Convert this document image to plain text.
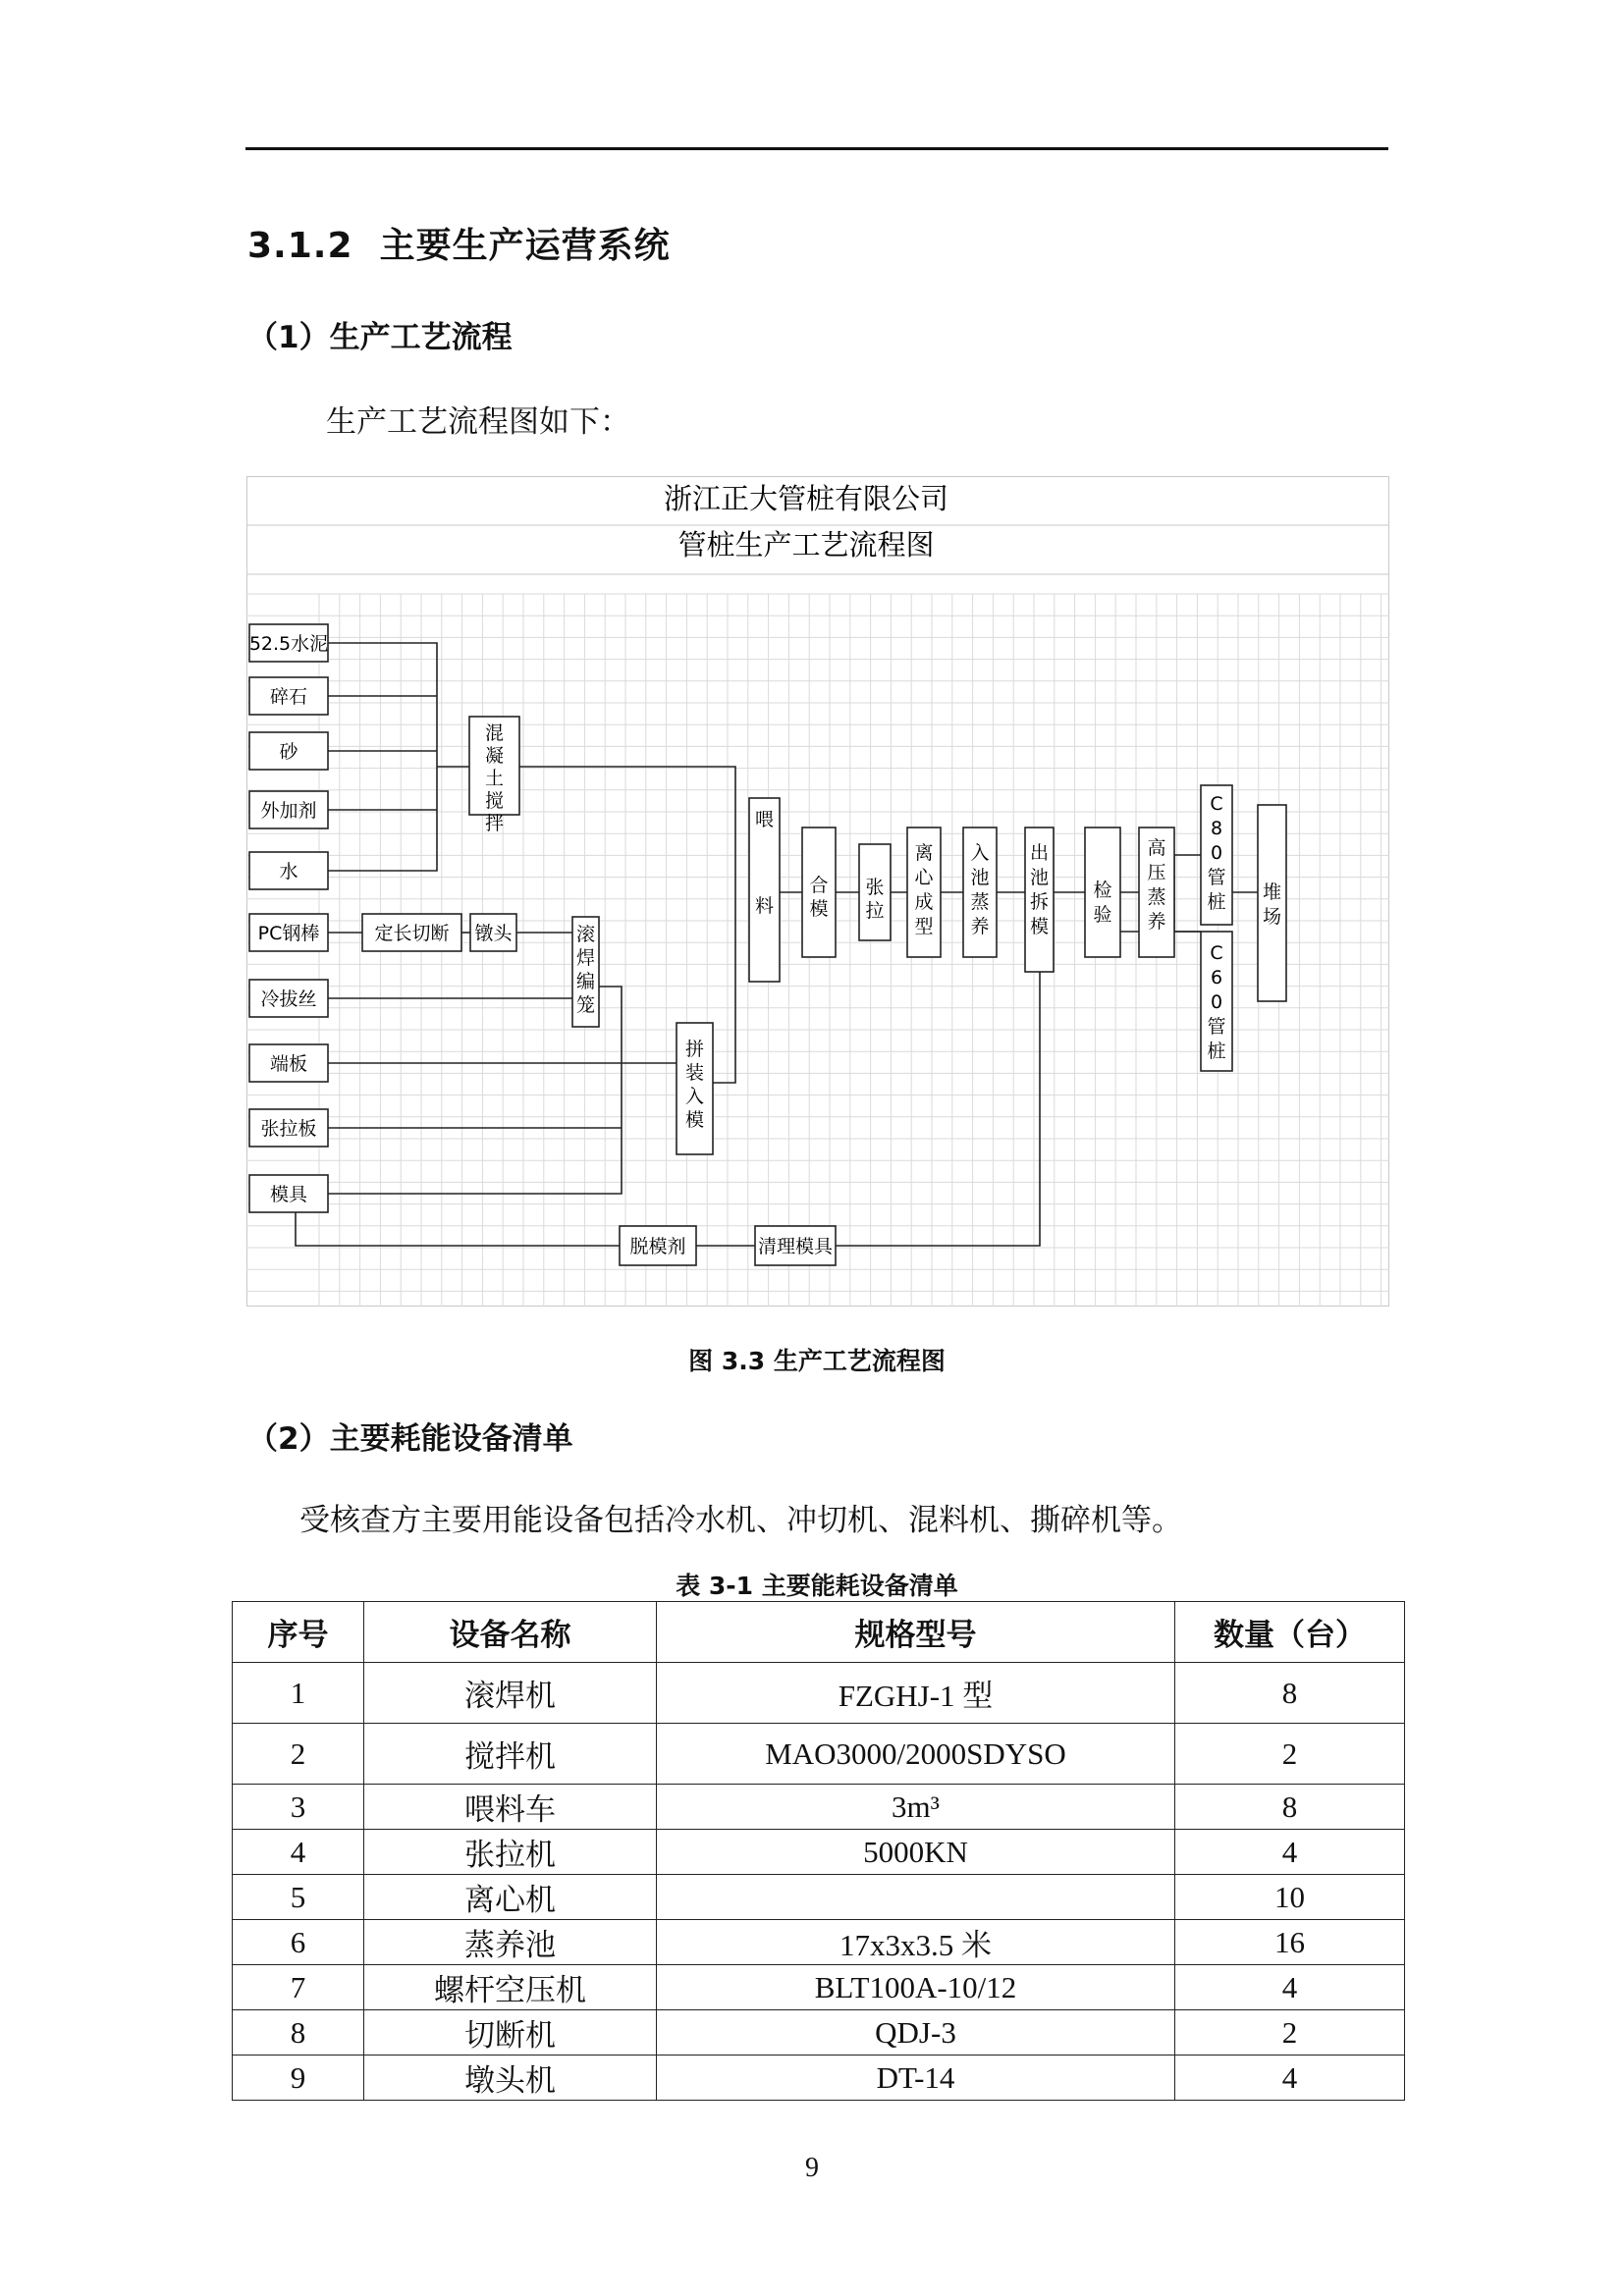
3.1.2 主要生产运营系统
（1）生产工艺流程
生产工艺流程图如下：
52.5水泥
碎石
砂
外加剂
水
PC钢棒
冷拔丝
端板
张拉板
模具
定长切断 镦头
混
凝
土
搅
拌
滚
焊
编
笼
拼
装
入
模
喂
料
合
模
张
拉
离
心
成
型
入
池
蒸
养
出
池
拆
模
检
验
高
压
蒸
养
C
8
0
管
桩
C
6
0
管
桩
堆
场
脱模剂	清理模具
浙江正大管桩有限公司
管桩生产工艺流程图
图 3.3 生产工艺流程图
（2）主要耗能设备清单
受核查方主要用能设备包括冷水机、冲切机、混料机、撕碎机等。
表 3-1 主要能耗设备清单
序号	设备名称	规格型号	数量（台）
1	滚焊机	FZGHJ-1 型	8
2	搅拌机	MAO3000/2000SDYSO	2
3	喂料车	3m³	8
4	张拉机	5000KN	4
5	离心机		10
6	蒸养池	17x3x3.5 米	16
7	螺杆空压机	BLT100A-10/12	4
8	切断机	QDJ-3	2
9	墩头机	DT-14	4
9
